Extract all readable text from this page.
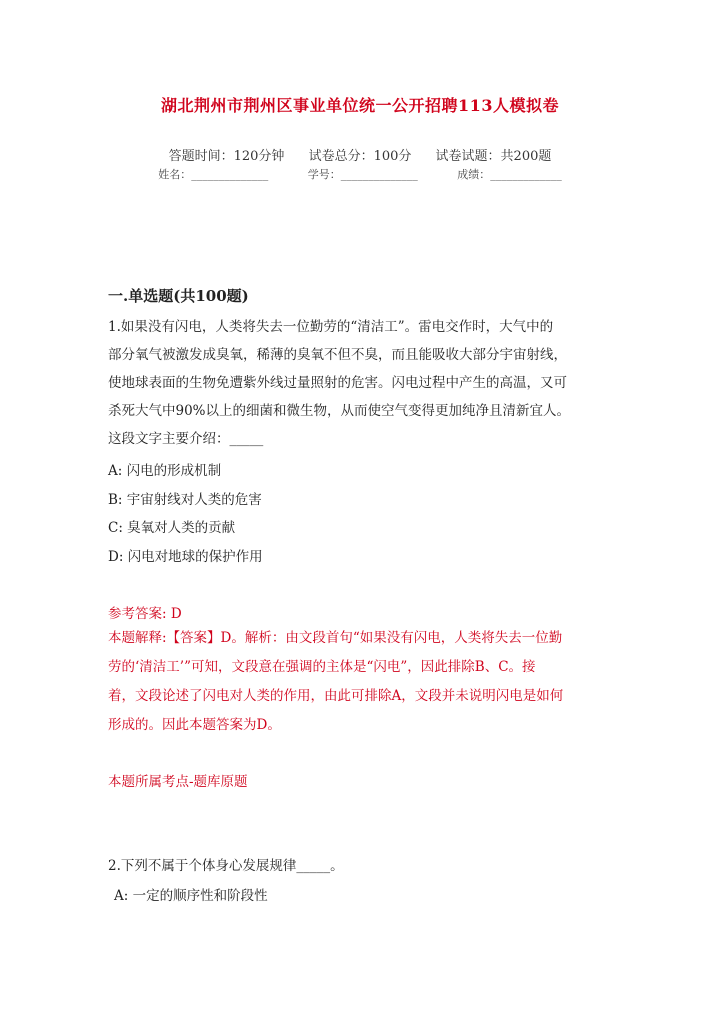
湖北荆州市荆州区事业单位统一公开招聘113人模拟卷
答题时间：120分钟 试卷总分：100分 试卷试题：共200题
姓名：______________	学号：______________	成绩：_____________
一.单选题(共100题)
1.如果没有闪电，人类将失去一位勤劳的“清洁工”。雷电交作时，大气中的
部分氧气被激发成臭氧，稀薄的臭氧不但不臭，而且能吸收大部分宇宙射线，
使地球表面的生物免遭紫外线过量照射的危害。闪电过程中产生的高温，又可
杀死大气中90%以上的细菌和微生物，从而使空气变得更加纯净且清新宜人。
这段文字主要介绍：_____
A: 闪电的形成机制
B: 宇宙射线对人类的危害
C: 臭氧对人类的贡献
D: 闪电对地球的保护作用
参考答案: D
本题解释:【答案】D。解析：由文段首句“如果没有闪电，人类将失去一位勤
劳的‘清洁工’”可知，文段意在强调的主体是“闪电”，因此排除B、C。接
着，文段论述了闪电对人类的作用，由此可排除A，文段并未说明闪电是如何
形成的。因此本题答案为D。
本题所属考点-题库原题
2.下列不属于个体身心发展规律_____。
A: 一定的顺序性和阶段性
